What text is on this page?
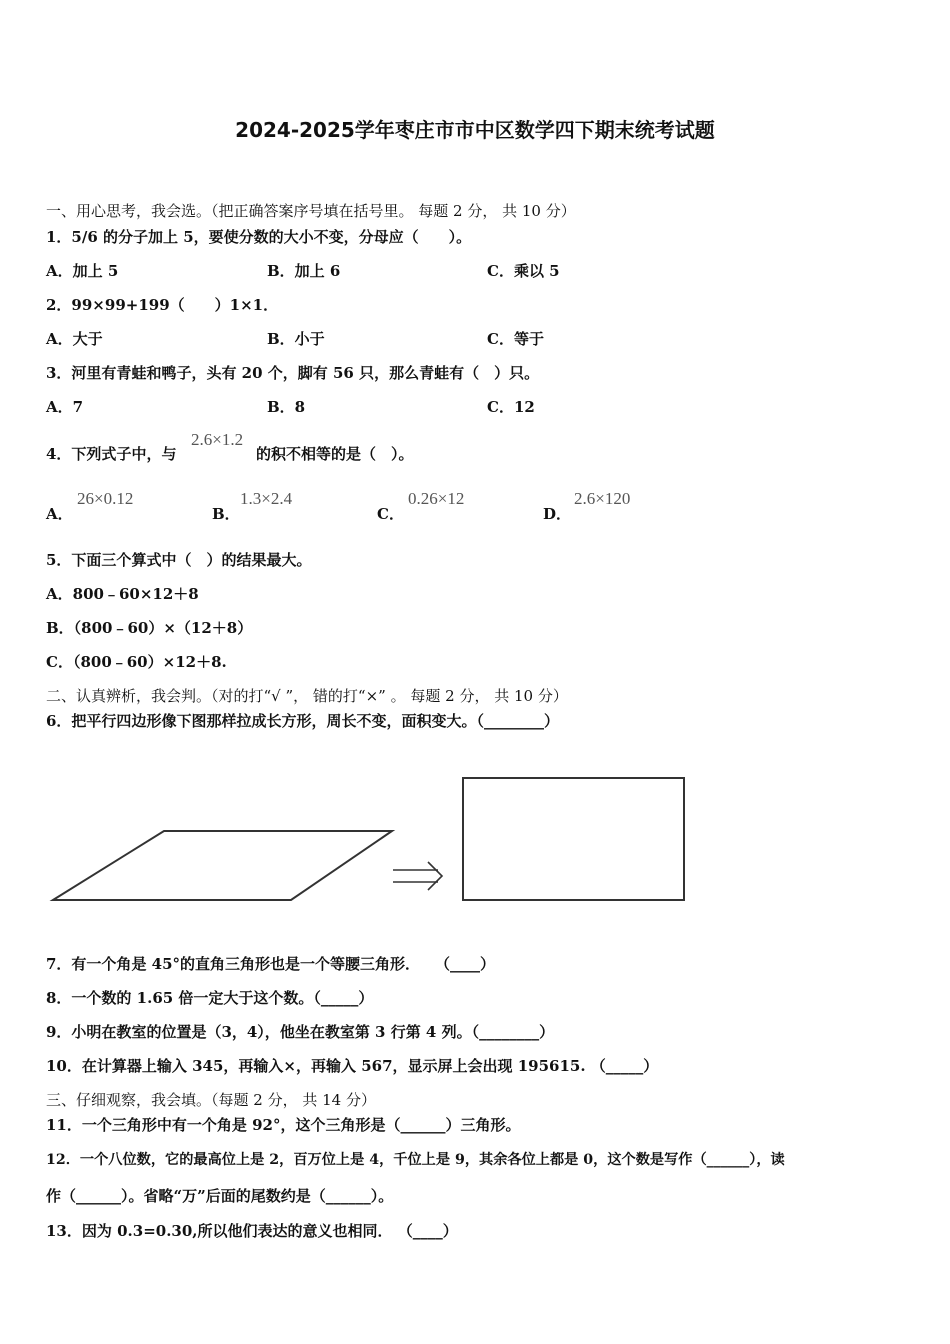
2024-2025学年枣庄市市中区数学四下期末统考试题
一、用心思考，我会选。（把正确答案序号填在括号里。 每题 2 分， 共 10 分）
1．5/6 的分子加上 5，要使分数的大小不变，分母应（　　）。
A．加上 5	B．加上 6	C．乘以 5
2．99×99+199（　　）1×1．
A．大于	B．小于	C．等于
3．河里有青蛙和鸭子，头有 20 个，脚有 56 只，那么青蛙有（　）只。
A．7	B．8	C．12
4．下列式子中，与
2.6×1.2
的积不相等的是（　）。
A．
26×0.12
B．
1.3×2.4
C．
0.26×12
D．
2.6×120
5．下面三个算式中（　）的结果最大。
A．800﹣60×12＋8
B．（800﹣60）×（12＋8）
C．（800﹣60）×12＋8.
二、认真辨析，我会判。（对的打“√ ”， 错的打“×” 。 每题 2 分， 共 10 分）
6．把平行四边形像下图那样拉成长方形，周长不变，面积变大。（________）
7．有一个角是 45°的直角三角形也是一个等腰三角形．　　（____）
8．一个数的 1.65 倍一定大于这个数。（_____）
9．小明在教室的位置是（3，4），他坐在教室第 3 行第 4 列。（________）
10．在计算器上输入 345，再输入×，再输入 567，显示屏上会出现 195615. （_____）
三、仔细观察，我会填。（每题 2 分， 共 14 分）
11．一个三角形中有一个角是 92°，这个三角形是（______）三角形。
12．一个八位数，它的最高位上是 2，百万位上是 4，千位上是 9，其余各位上都是 0，这个数是写作（______），读
作（______）。省略“万”后面的尾数约是（______）。
13．因为 0.3=0.30,所以他们表达的意义也相同． （____）
